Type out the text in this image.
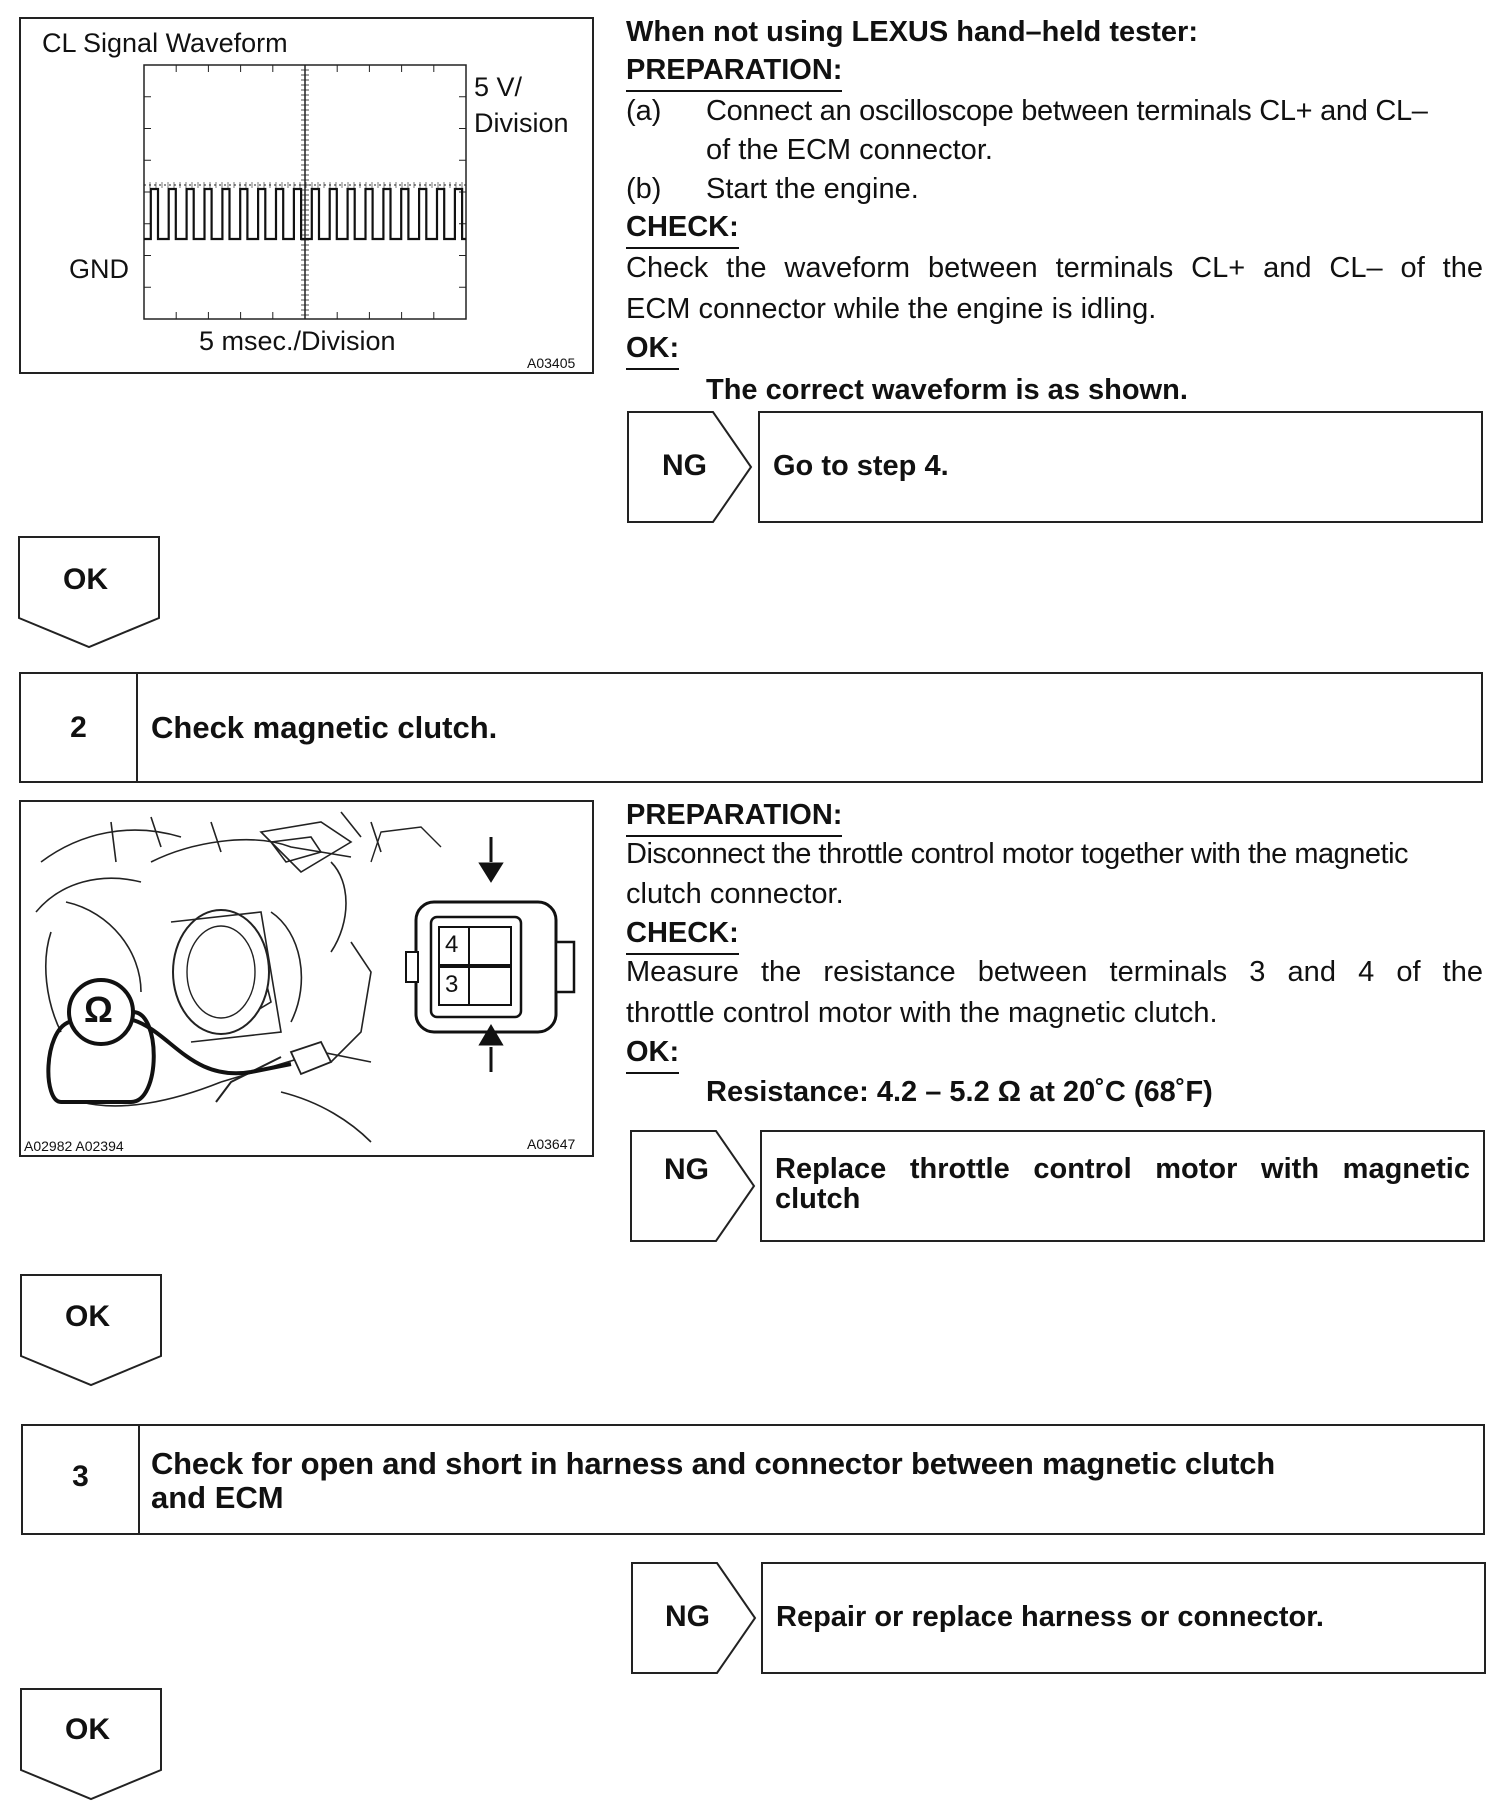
CL Signal Waveform
5 V/
Division
GND
5 msec./Division
A03405
When not using LEXUS hand–held tester:
PREPARATION:
(a) Connect an oscilloscope between terminals CL+ and CL–
of the ECM connector.
(b) Start the engine.
CHECK:
Check the waveform between terminals CL+ and CL– of the
ECM connector while the engine is idling.
OK:
The correct waveform is as shown.
NG Go to step 4.
OK
2	Check magnetic clutch.
Ω
4
3
A02982 A02394	A03647
PREPARATION:
Disconnect the throttle control motor together with the magnetic
clutch connector.
CHECK:
Measure the resistance between terminals 3 and 4 of the
throttle control motor with the magnetic clutch.
OK:
Resistance: 4.2 – 5.2 Ω at 20˚C (68˚F)
NG Replace throttle control motor with magnetic
clutch
OK
3	Check for open and short in harness and connector between magnetic clutch
and ECM
NG Repair or replace harness or connector.
OK
